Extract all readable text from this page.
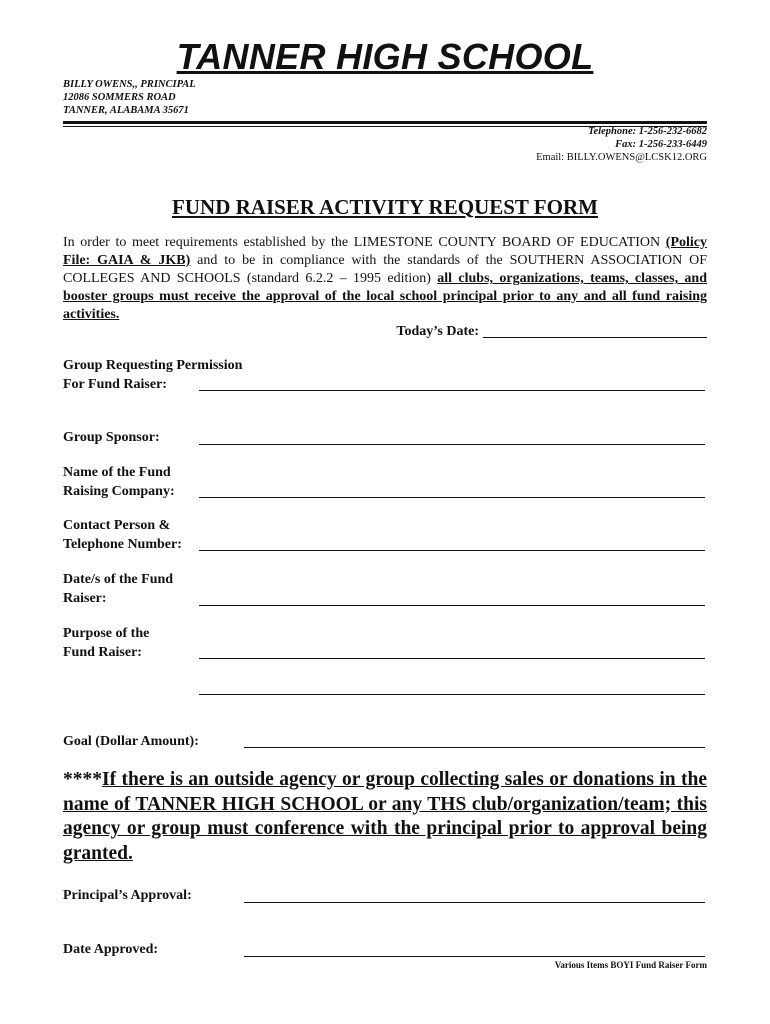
TANNER HIGH SCHOOL
BILLY OWENS,, PRINCIPAL
12086 SOMMERS ROAD
TANNER, ALABAMA 35671
Telephone: 1-256-232-6682
Fax: 1-256-233-6449
Email: BILLY.OWENS@LCSK12.ORG
FUND RAISER ACTIVITY REQUEST FORM
In order to meet requirements established by the LIMESTONE COUNTY BOARD OF EDUCATION (Policy File: GAIA & JKB) and to be in compliance with the standards of the SOUTHERN ASSOCIATION OF COLLEGES AND SCHOOLS (standard 6.2.2 – 1995 edition) all clubs, organizations, teams, classes, and booster groups must receive the approval of the local school principal prior to any and all fund raising activities.
Today’s Date:
Group Requesting Permission
For Fund Raiser:
Group Sponsor:
Name of the Fund
Raising Company:
Contact Person &
Telephone Number:
Date/s of the Fund
Raiser:
Purpose of the
Fund Raiser:
Goal (Dollar Amount):
****If there is an outside agency or group collecting sales or donations in the name of TANNER HIGH SCHOOL or any THS club/organization/team; this agency or group must conference with the principal prior to approval being granted.
Principal’s Approval:
Date Approved:
Various Items BOYI Fund Raiser Form
